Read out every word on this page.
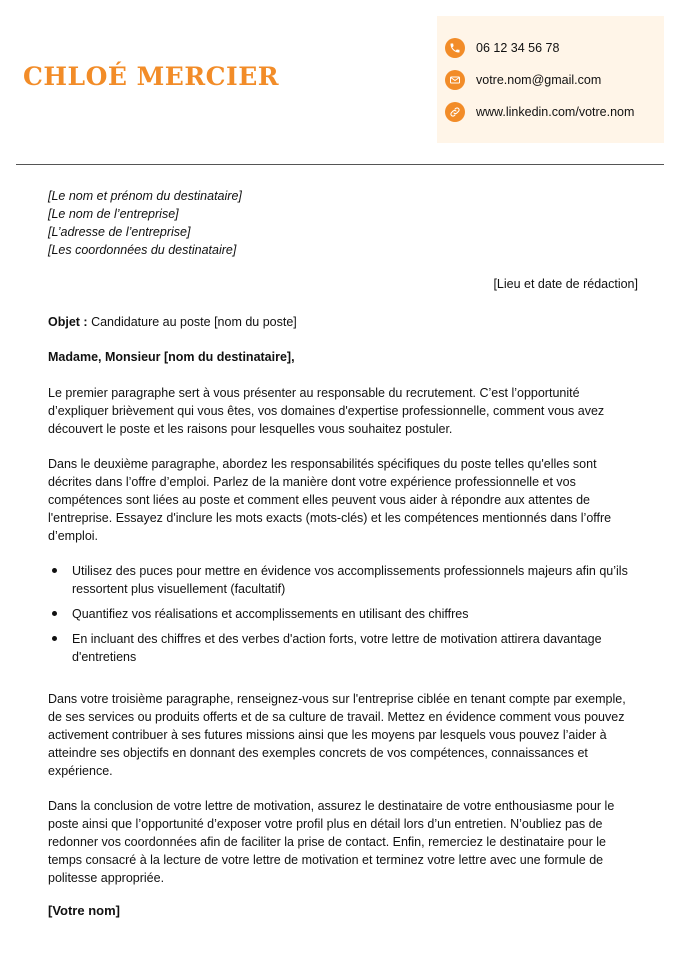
CHLOÉ MERCIER
06 12 34 56 78
votre.nom@gmail.com
www.linkedin.com/votre.nom
[Le nom et prénom du destinataire]
[Le nom de l’entreprise]
[L’adresse de l’entreprise]
[Les coordonnées du destinataire]
[Lieu et date de rédaction]

Objet : Candidature au poste [nom du poste]

Madame, Monsieur [nom du destinataire],

Le premier paragraphe sert à vous présenter au responsable du recrutement. C’est l’opportunité d’expliquer brièvement qui vous êtes, vos domaines d'expertise professionnelle, comment vous avez découvert le poste et les raisons pour lesquelles vous souhaitez postuler.

Dans le deuxième paragraphe, abordez les responsabilités spécifiques du poste telles qu'elles sont décrites dans l’offre d’emploi. Parlez de la manière dont votre expérience professionnelle et vos compétences sont liées au poste et comment elles peuvent vous aider à répondre aux attentes de l'entreprise. Essayez d'inclure les mots exacts (mots-clés) et les compétences mentionnés dans l’offre d’emploi.

Utilisez des puces pour mettre en évidence vos accomplissements professionnels majeurs afin qu’ils ressortent plus visuellement (facultatif)
Quantifiez vos réalisations et accomplissements en utilisant des chiffres
En incluant des chiffres et des verbes d'action forts, votre lettre de motivation attirera davantage d'entretiens

Dans votre troisième paragraphe, renseignez-vous sur l'entreprise ciblée en tenant compte par exemple, de ses services ou produits offerts et de sa culture de travail. Mettez en évidence comment vous pouvez activement contribuer à ses futures missions ainsi que les moyens par lesquels vous pouvez l’aider à atteindre ses objectifs en donnant des exemples concrets de vos compétences, connaissances et expérience.

Dans la conclusion de votre lettre de motivation, assurez le destinataire de votre enthousiasme pour le poste ainsi que l’opportunité d’exposer votre profil plus en détail lors d’un entretien. N’oubliez pas de redonner vos coordonnées afin de faciliter la prise de contact. Enfin, remerciez le destinataire pour le temps consacré à la lecture de votre lettre de motivation et terminez votre lettre avec une formule de politesse appropriée.

[Votre nom]
